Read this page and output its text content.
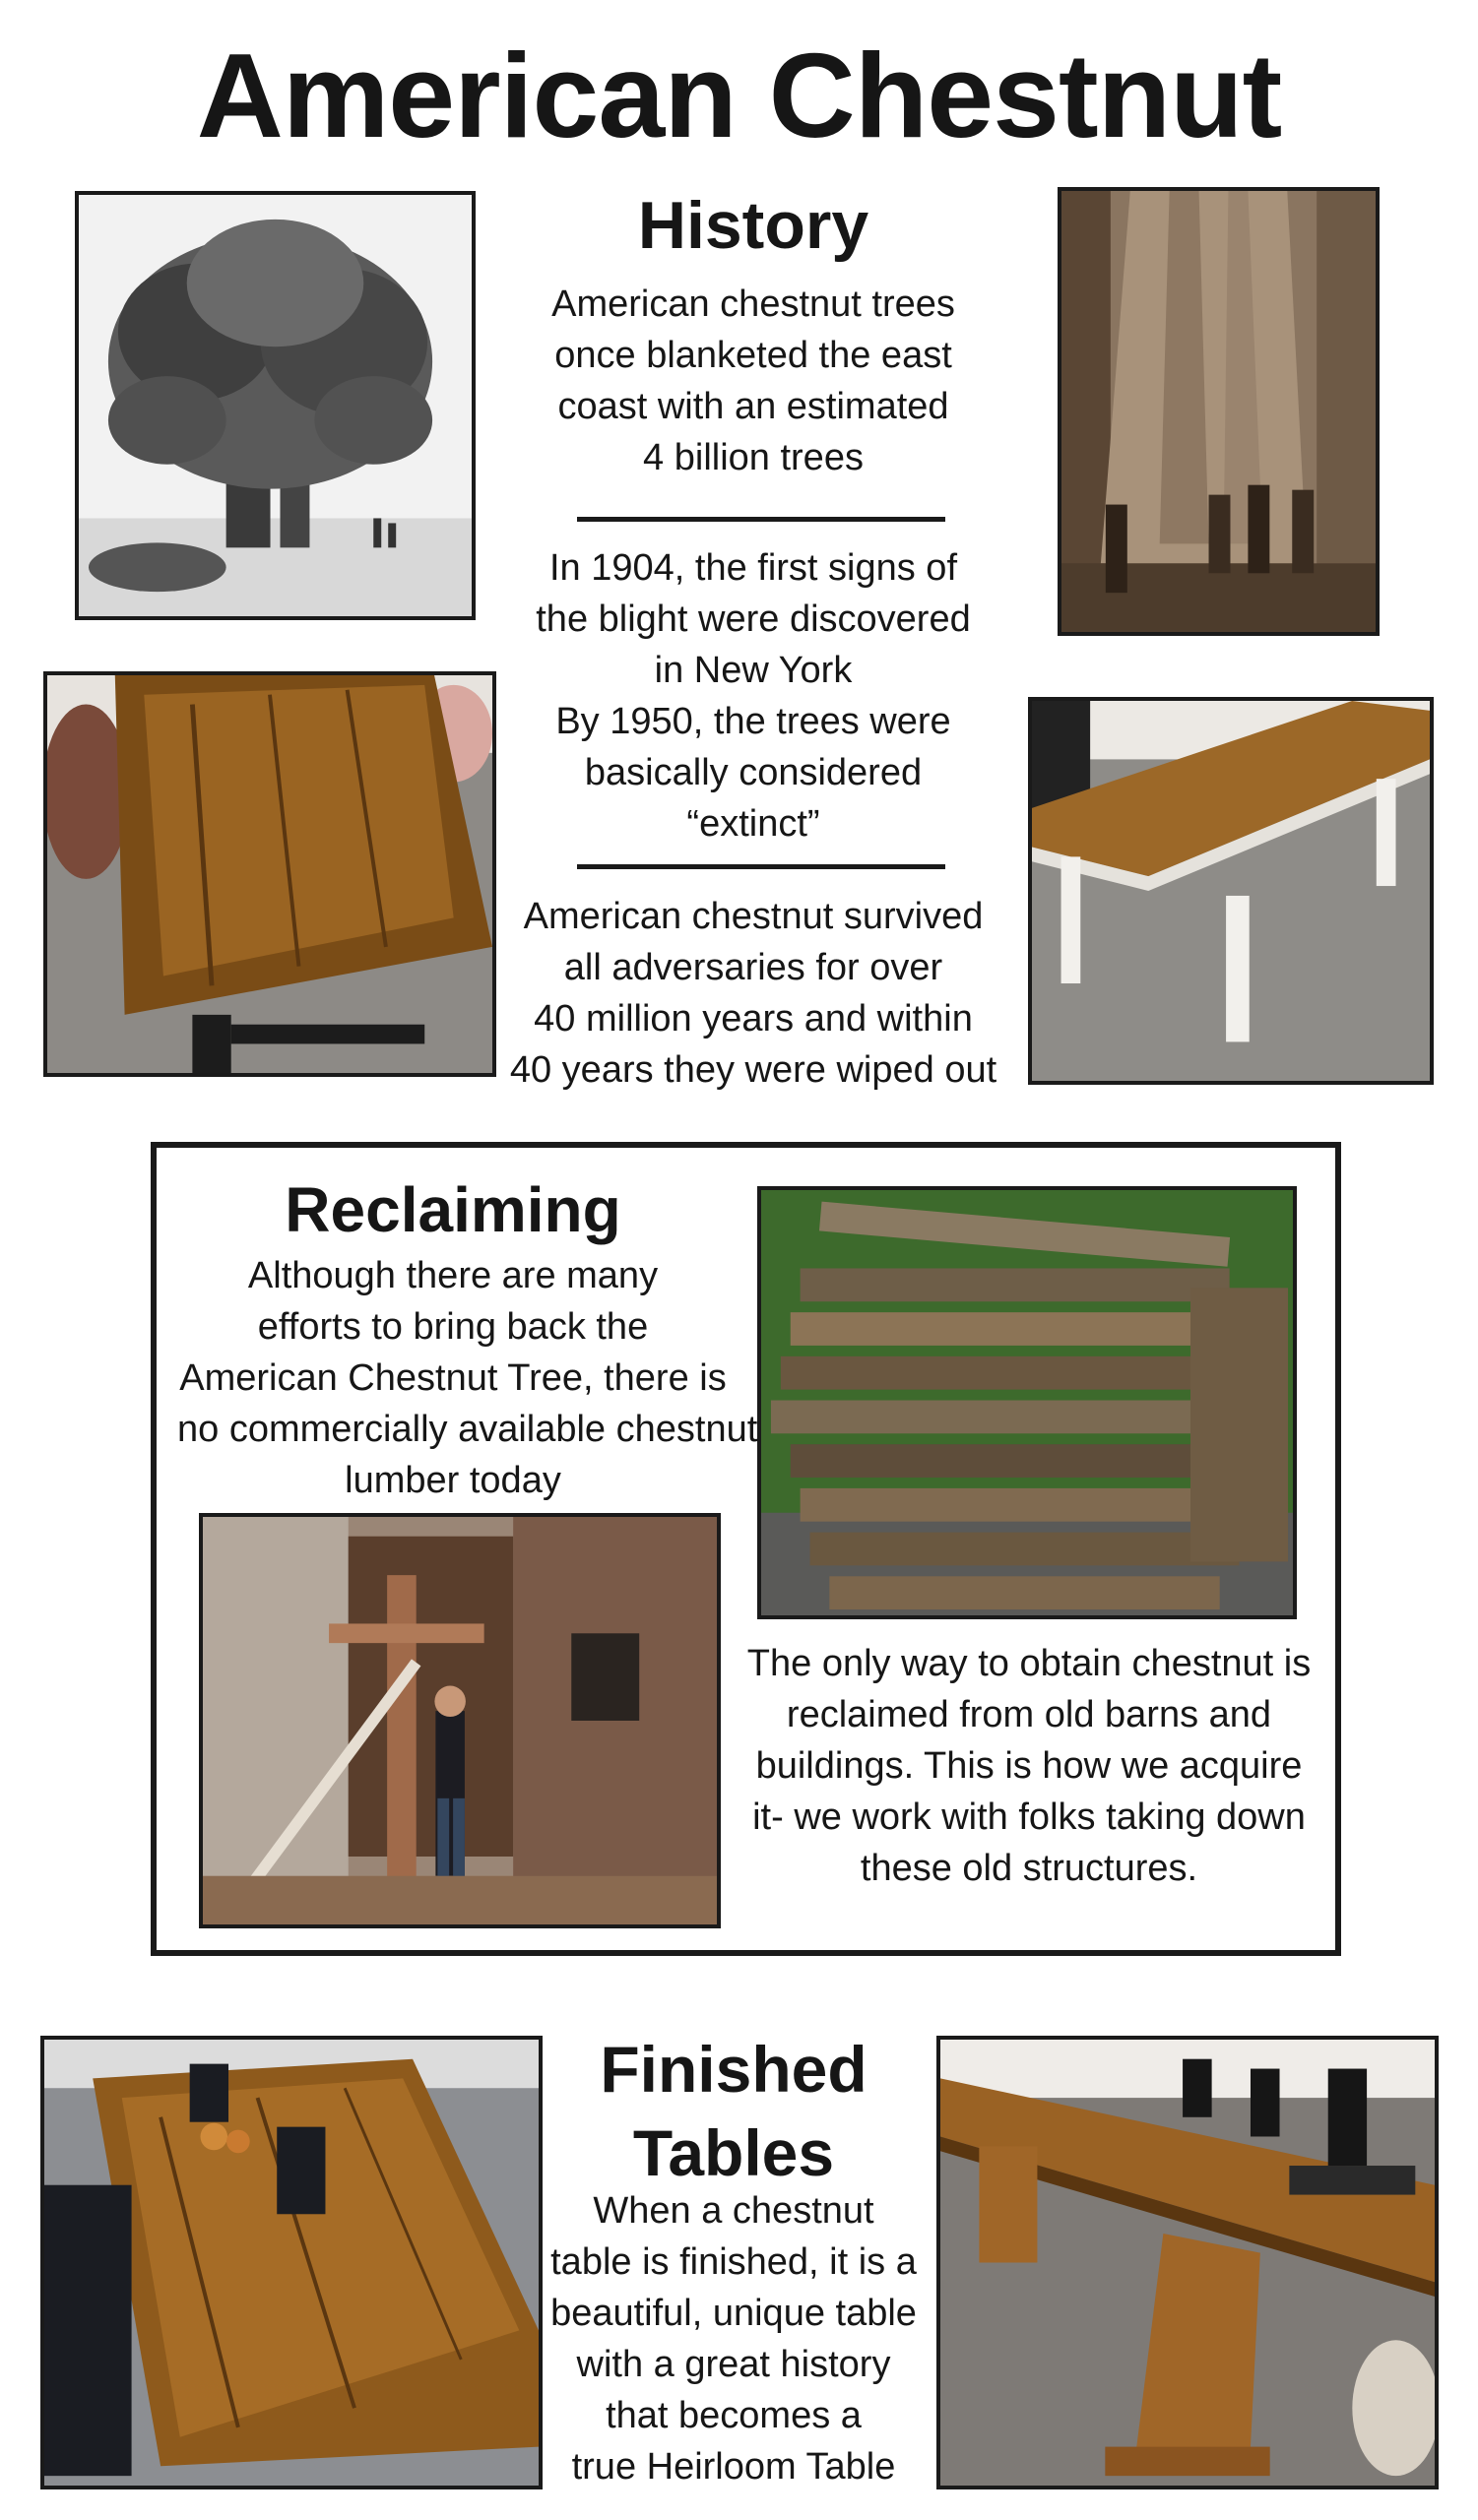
American Chestnut
History
American chestnut trees
once blanketed the east
coast with an estimated
4 billion trees
In 1904, the first signs of
the blight were discovered
in New York
By 1950, the trees were
basically considered
“extinct”
American chestnut survived
all adversaries for over
40 million years and within
40 years they were wiped out
Reclaiming
Although there are many
efforts to bring back the
American Chestnut Tree, there is
no commercially available chestnut
lumber today
The only way to obtain chestnut is
reclaimed from old barns and
buildings. This is how we acquire
it- we work with folks taking down
these old structures.
Finished
Tables
When a chestnut
table is finished, it is a
beautiful, unique table
with a great history
that becomes a
true Heirloom Table
